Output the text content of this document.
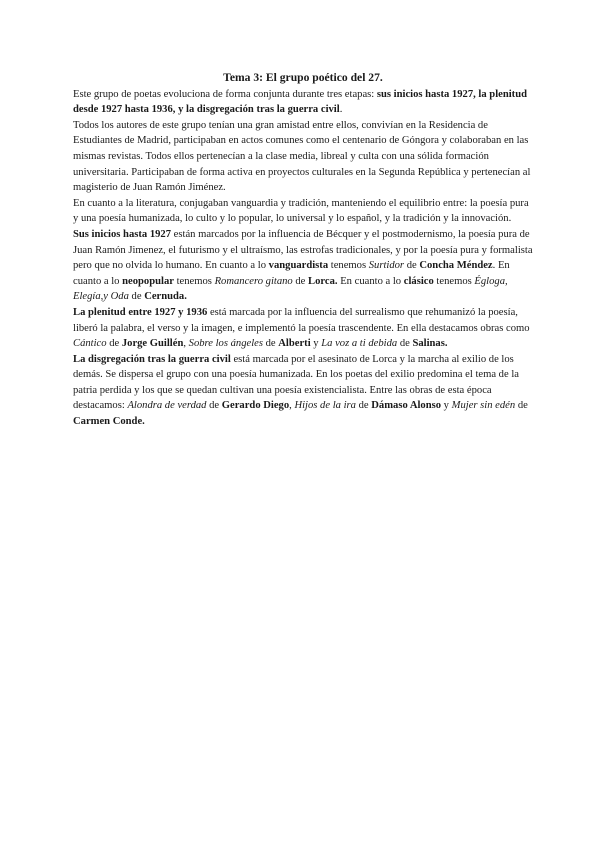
Tema 3: El grupo poético del 27.

Este grupo de poetas evoluciona de forma conjunta durante tres etapas: sus inicios hasta 1927, la plenitud desde 1927 hasta 1936, y la disgregación tras la guerra civil.

Todos los autores de este grupo tenían una gran amistad entre ellos, convivían en la Residencia de Estudiantes de Madrid, participaban en actos comunes como el centenario de Góngora y colaboraban en las mismas revistas. Todos ellos pertenecían a la clase media, libreal y culta con una sólida formación universitaria. Participaban de forma activa en proyectos culturales en la Segunda República y pertenecían al magisterio de Juan Ramón Jiménez.

En cuanto a la literatura, conjugaban vanguardia y tradición, manteniendo el equilibrio entre: la poesía pura y una poesía humanizada, lo culto y lo popular, lo universal y lo español, y la tradición y la innovación.

Sus inicios hasta 1927 están marcados por la influencia de Bécquer y el postmodernismo, la poesía pura de Juan Ramón Jimenez, el futurismo y el ultraísmo, las estrofas tradicionales, y por la poesía pura y formalista pero que no olvida lo humano. En cuanto a lo vanguardista tenemos Surtidor de Concha Méndez. En cuanto a lo neopopular tenemos Romancero gitano de Lorca. En cuanto a lo clásico tenemos Égloga, Elegía,y Oda de Cernuda.

La plenitud entre 1927 y 1936 está marcada por la influencia del surrealismo que rehumanizó la poesía, liberó la palabra, el verso y la imagen, e implementó la poesía trascendente. En ella destacamos obras como Cántico de Jorge Guillén, Sobre los ángeles de Alberti y La voz a ti debida de Salinas.

La disgregación tras la guerra civil está marcada por el asesinato de Lorca y la marcha al exilio de los demás. Se dispersa el grupo con una poesía humanizada. En los poetas del exilio predomina el tema de la patria perdida y los que se quedan cultivan una poesía existencialista. Entre las obras de esta época destacamos: Alondra de verdad de Gerardo Diego, Hijos de la ira de Dámaso Alonso y Mujer sin edén de Carmen Conde.
